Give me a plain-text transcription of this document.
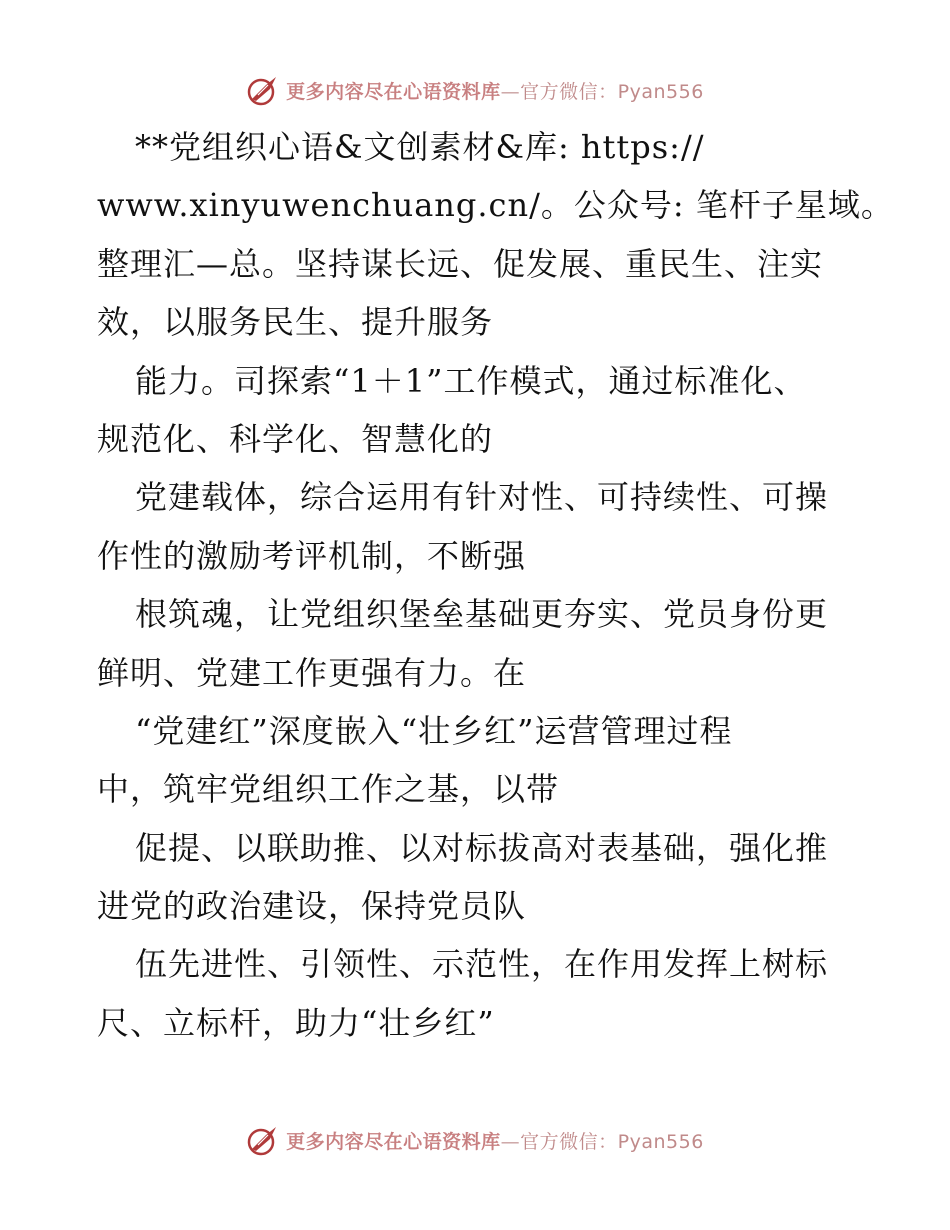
更多内容尽在心语资料库—官方微信：Pyan556
**党组织心语&文创素材&库: https://
www.xinyuwenchuang.cn/。公众号: 笔杆子星域。
整理汇—总。坚持谋长远、促发展、重民生、注实
效，以服务民生、提升服务
能力。司探索“1＋1”工作模式，通过标准化、
规范化、科学化、智慧化的
党建载体，综合运用有针对性、可持续性、可操
作性的激励考评机制，不断强
根筑魂，让党组织堡垒基础更夯实、党员身份更
鲜明、党建工作更强有力。在
“党建红”深度嵌入“壮乡红”运营管理过程
中，筑牢党组织工作之基，以带
促提、以联助推、以对标拔高对表基础，强化推
进党的政治建设，保持党员队
伍先进性、引领性、示范性，在作用发挥上树标
尺、立标杆，助力“壮乡红”
更多内容尽在心语资料库—官方微信：Pyan556
